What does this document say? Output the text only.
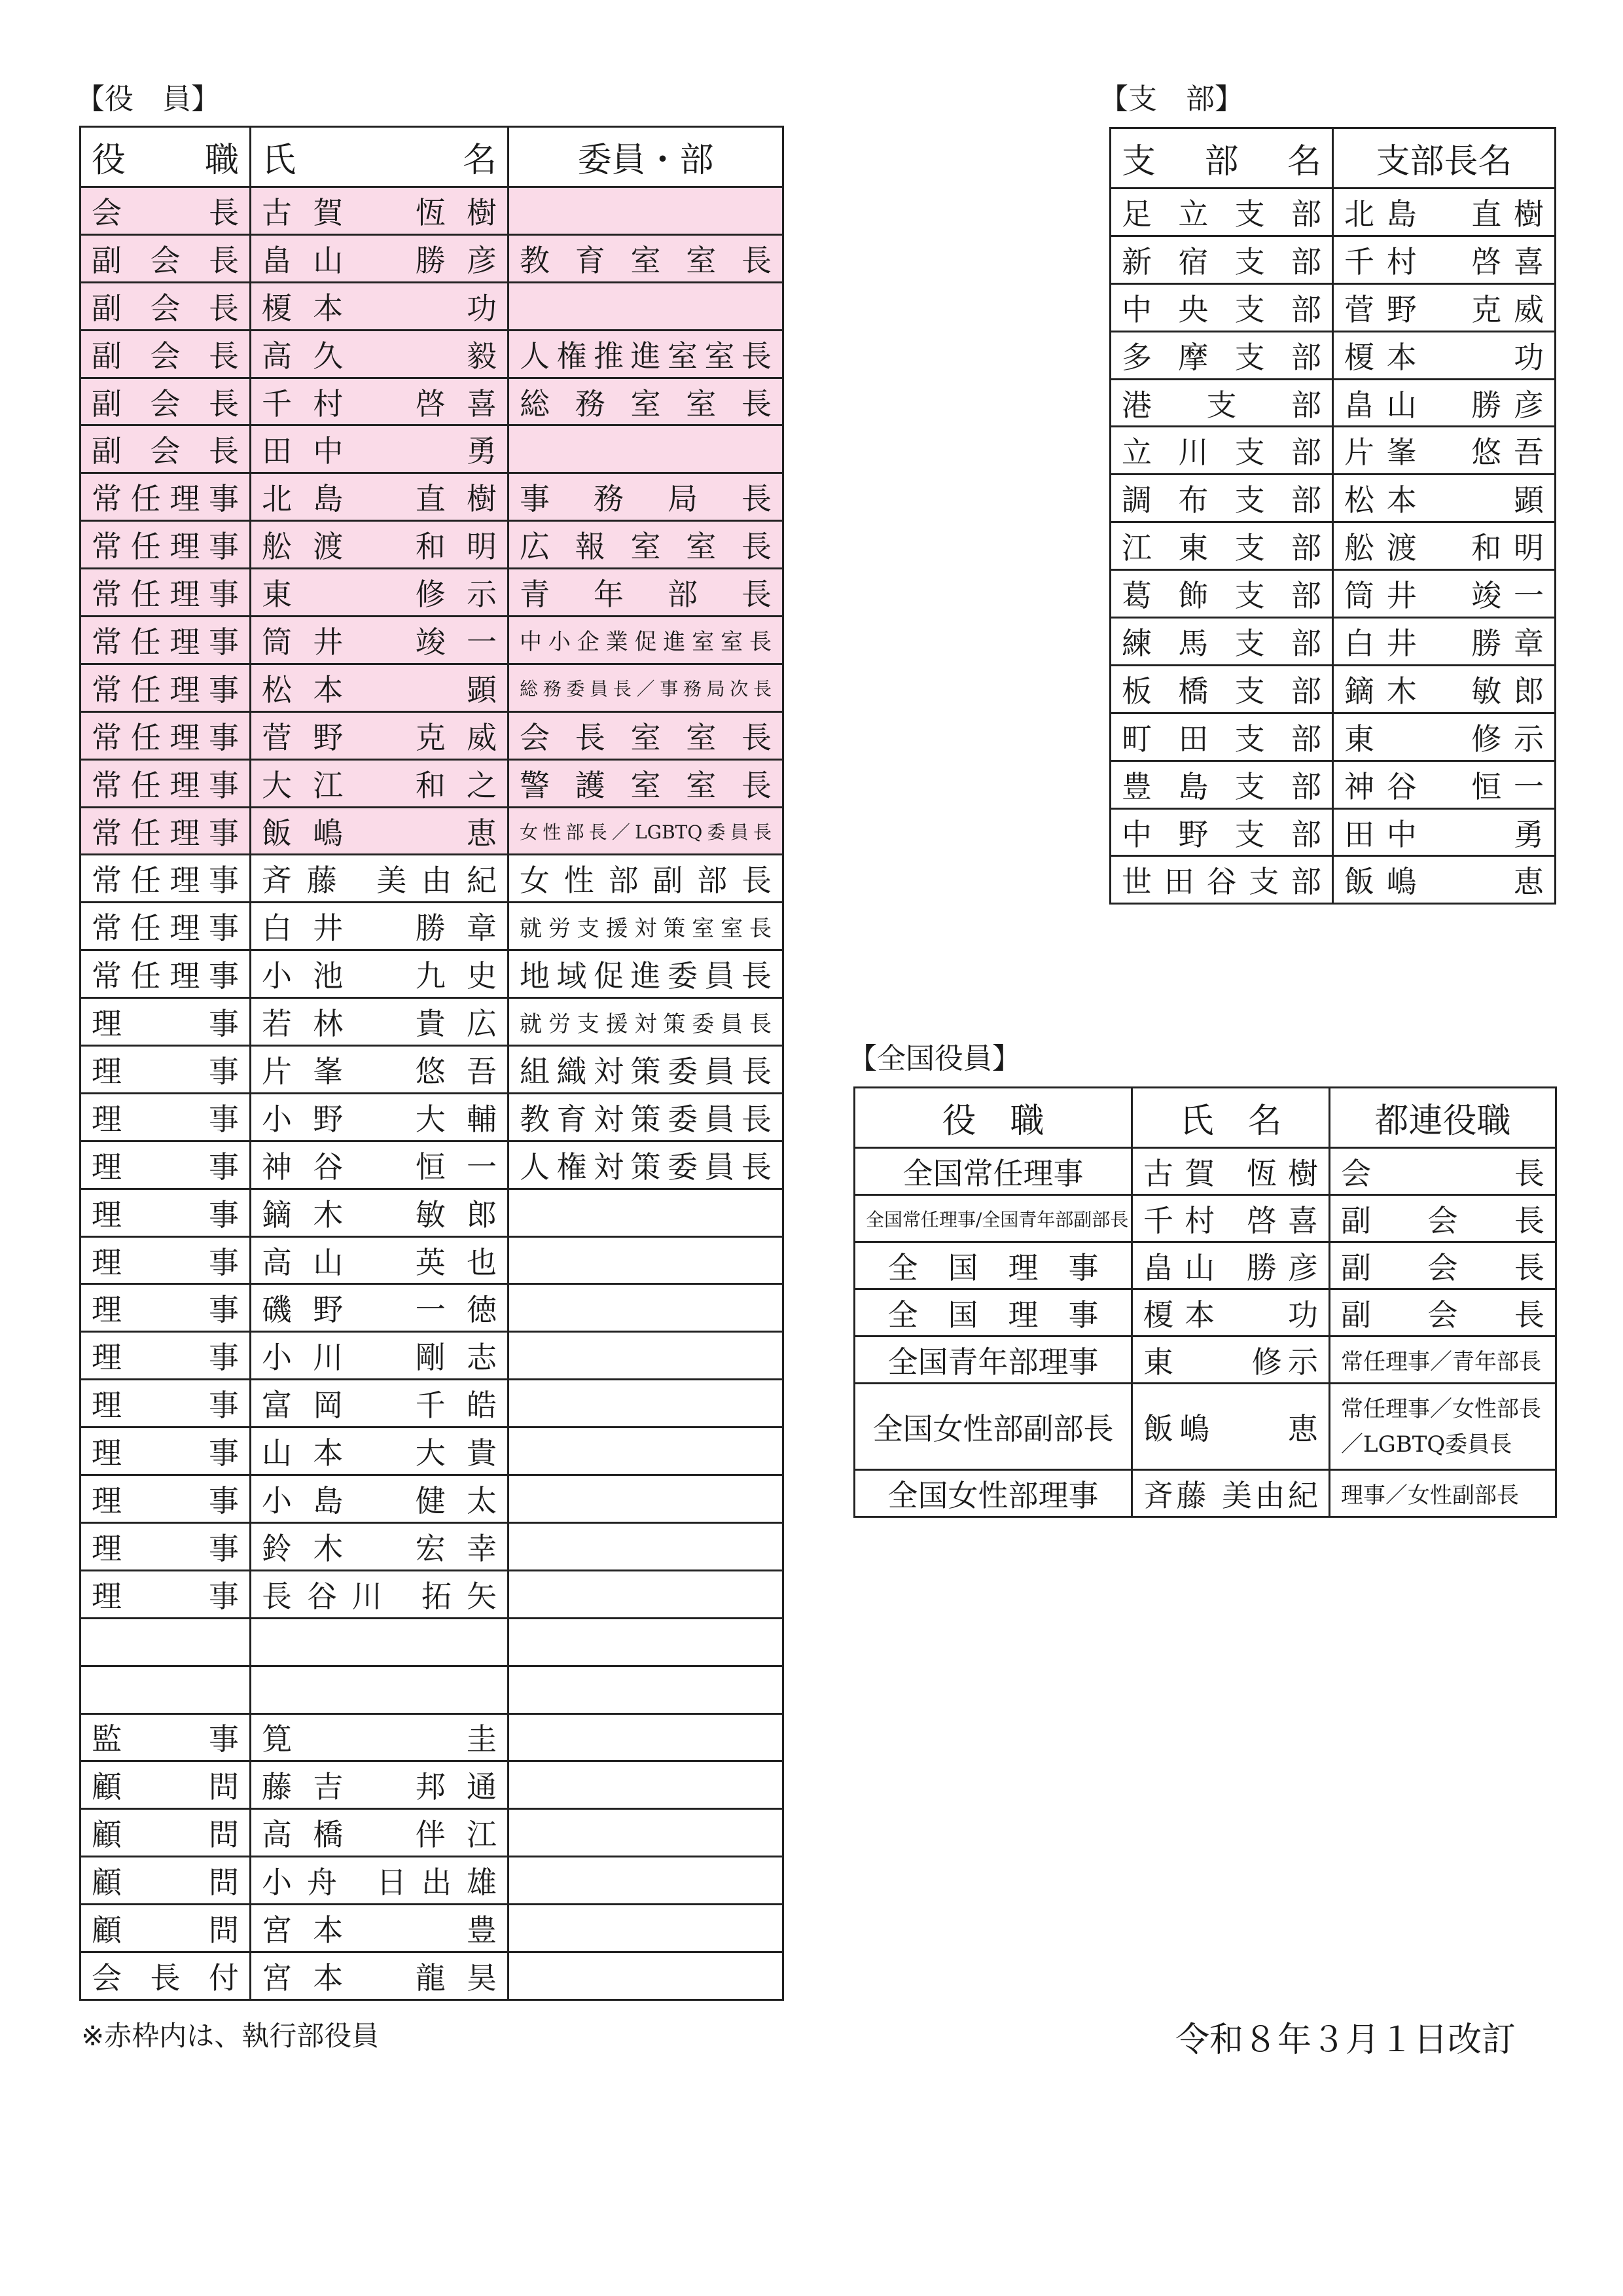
【役　員】
役　職	氏　名	委員・部
会長	古賀　恆樹	
副会長	畠山　勝彦	教育室室長
副会長	榎本　　功	
副会長	高久　　毅	人権推進室室長
副会長	千村　啓喜	総務室室長
副会長	田中　　勇	
常任理事	北島　直樹	事務局長
常任理事	舩渡　和明	広報室室長
常任理事	東　　修示	青年部長
常任理事	筒井　竣一	中小企業促進室室長
常任理事	松本　　顕	総務委員長／事務局次長
常任理事	菅野　克威	会長室室長
常任理事	大江　和之	警護室室長
常任理事	飯嶋　　恵	女性部長／LGBTQ委員長
常任理事	斉藤 美由紀	女性部副部長
常任理事	白井　勝章	就労支援対策室室長
常任理事	小池　九史	地域促進委員長
理事	若林　貴広	就労支援対策委員長
理事	片峯　悠吾	組織対策委員長
理事	小野　大輔	教育対策委員長
理事	神谷　恒一	人権対策委員長
理事	鏑木　敏郎	
理事	高山　英也	
理事	磯野　一徳	
理事	小川　剛志	
理事	富岡　千皓	
理事	山本　大貴	
理事	小島　健太	
理事	鈴木　宏幸	
理事	長谷川 拓矢	

監事	筧　　　圭	
顧問	藤吉　邦通	
顧問	高橋　伴江	
顧問	小舟 日出雄	
顧問	宮本　　豊	
会長付	宮本　龍昊	
※赤枠内は、執行部役員
【支　部】
支部名	支部長名
足立支部	北島　直樹
新宿支部	千村　啓喜
中央支部	菅野　克威
多摩支部	榎本　　功
港　支　部	畠山　勝彦
立川支部	片峯　悠吾
調布支部	松本　　顕
江東支部	舩渡　和明
葛飾支部	筒井　竣一
練馬支部	白井　勝章
板橋支部	鏑木　敏郎
町田支部	東　　修示
豊島支部	神谷　恒一
中野支部	田中　　勇
世田谷支部	飯嶋　　恵
【全国役員】
役　職	氏　名	都連役職
全国常任理事	古賀 恆樹	会　　　長
全国常任理事/全国青年部副部長	千村 啓喜	副　会　長
全　国　理　事	畠山 勝彦	副　会　長
全　国　理　事	榎本　 功	副　会　長
全国青年部理事	東　　修示	常任理事／青年部長
全国女性部副部長	飯嶋　　恵	常任理事／女性部長
／LGBTQ委員長

全国女性部理事	斉藤 美由紀	理事／女性副部長
令和８年３月１日改訂
